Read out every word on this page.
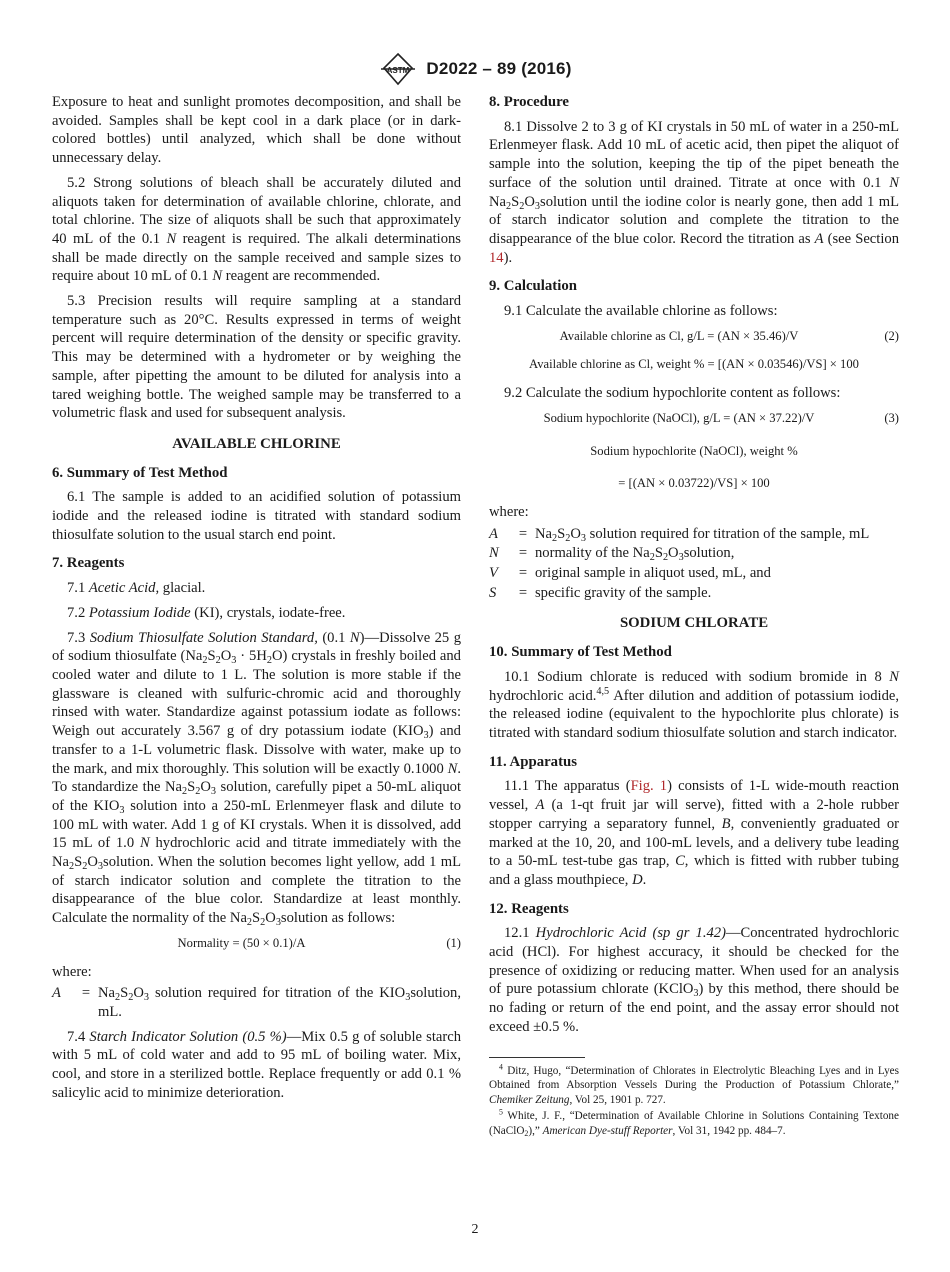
ASTM D2022 – 89 (2016)

Exposure to heat and sunlight promotes decomposition, and shall be avoided. Samples shall be kept cool in a dark place (or in dark-colored bottles) until analyzed, which shall be done without unnecessary delay.

5.2 Strong solutions of bleach shall be accurately diluted and aliquots taken for determination of available chlorine, chlorate, and total chlorine. The size of aliquots shall be such that approximately 40 mL of the 0.1 N reagent is required. The alkali determinations shall be made directly on the sample received and sample sizes to require about 10 mL of 0.1 N reagent are recommended.

5.3 Precision results will require sampling at a standard temperature such as 20°C. Results expressed in terms of weight percent will require determination of the density or specific gravity. This may be determined with a hydrometer or by weighing the sample, after pipetting the amount to be diluted for analysis into a tared weighing bottle. The weighed sample may be transferred to a volumetric flask and used for subsequent analysis.

AVAILABLE CHLORINE
6. Summary of Test Method

6.1 The sample is added to an acidified solution of potassium iodide and the released iodine is titrated with standard sodium thiosulfate solution to the usual starch end point.

7. Reagents

7.1 Acetic Acid, glacial.

7.2 Potassium Iodide (KI), crystals, iodate-free.

7.3 Sodium Thiosulfate Solution Standard, (0.1 N)—Dissolve 25 g of sodium thiosulfate $(Na_2S_2O_3 \cdot 5H_2O)$ crystals in freshly boiled and cooled water and dilute to 1 L. The solution is more stable if the glassware is cleaned with sulfuric-chromic acid and thoroughly rinsed with water. Standardize against potassium iodate as follows: Weigh out accurately 3.567 g of dry potassium iodate $(KIO_3)$ and transfer to a 1-L volumetric flask. Dissolve with water, make up to the mark, and mix thoroughly. This solution will be exactly 0.1000 N. To standardize the $Na_2S_2O_3$ solution, carefully pipet a 50-mL aliquot of the $KIO_3$ solution into a 250-mL Erlenmeyer flask and dilute to 100 mL with water. Add 1 g of KI crystals. When it is dissolved, add 15 mL of 1.0 N hydrochloric acid and titrate immediately with the $Na_2S_2O_3solution$. When the solution becomes light yellow, add 1 mL of starch indicator solution and complete the titration to the disappearance of the blue color. Standardize at least monthly. Calculate the normality of the $Na_2S_2O_3solution$ as follows:

Normality = (50 × 0.1)/A	(1)

where:

A	= $Na_2S_2O_3$ solution required for titration of the $KIO_3solution$, mL.

7.4 Starch Indicator Solution (0.5 %)—Mix 0.5 g of soluble starch with 5 mL of cold water and add to 95 mL of boiling water. Mix, cool, and store in a sterilized bottle. Replace frequently or add 0.1 % salicylic acid to minimize deterioration.

8. Procedure

8.1 Dissolve 2 to 3 g of KI crystals in 50 mL of water in a 250-mL Erlenmeyer flask. Add 10 mL of acetic acid, then pipet the aliquot of sample into the solution, keeping the tip of the pipet beneath the surface of the solution until drained. Titrate at once with 0.1 N $Na_2S_2O_3solution$ until the iodine color is nearly gone, then add 1 mL of starch indicator solution and complete the titration to the disappearance of the blue color. Record the titration as A (see Section 14).

9. Calculation

9.1 Calculate the available chlorine as follows:

Available chlorine as Cl, g/L = (AN × 35.46)/V	(2)
Available chlorine as Cl, weight % = [(AN × 0.03546)/VS] × 100

9.2 Calculate the sodium hypochlorite content as follows:

Sodium hypochlorite (NaOCl), g/L = (AN × 37.22)/V	(3)
Sodium hypochlorite (NaOCl), weight %
= [(AN × 0.03722)/VS] × 100

where:

A	= $Na_2S_2O_3$ solution required for titration of the sample, mL
N	= normality of the $Na_2S_2O_3solution$,
V	= original sample in aliquot used, mL, and
S	= specific gravity of the sample.
SODIUM CHLORATE
10. Summary of Test Method

10.1 Sodium chlorate is reduced with sodium bromide in 8 N hydrochloric acid.$^{4,5}$ After dilution and addition of potassium iodide, the released iodine (equivalent to the hypochlorite plus chlorate) is titrated with standard sodium thiosulfate solution and starch indicator.

11. Apparatus

11.1 The apparatus (Fig. 1) consists of 1-L wide-mouth reaction vessel, A (a 1-qt fruit jar will serve), fitted with a 2-hole rubber stopper carrying a separatory funnel, B, conveniently graduated or marked at the 10, 20, and 100-mL levels, and a delivery tube leading to a 50-mL test-tube gas trap, C, which is fitted with rubber tubing and a glass mouthpiece, D.

12. Reagents

12.1 Hydrochloric Acid (sp gr 1.42)—Concentrated hydrochloric acid (HCl). For highest accuracy, it should be checked for the presence of oxidizing or reducing matter. When used for an analysis of pure potassium chlorate (KClO$_3$) by this method, there should be no fading or return of the end point, and the assay error should not exceed ±0.5 %.

$^4$ Ditz, Hugo, “Determination of Chlorates in Electrolytic Bleaching Lyes and in Lyes Obtained from Absorption Vessels During the Production of Potassium Chlorate,” Chemiker Zeitung, Vol 25, 1901 p. 727.

$^5$ White, J. F., “Determination of Available Chlorine in Solutions Containing Textone (NaClO$_2$),” American Dye-stuff Reporter, Vol 31, 1942 pp. 484–7.

2
